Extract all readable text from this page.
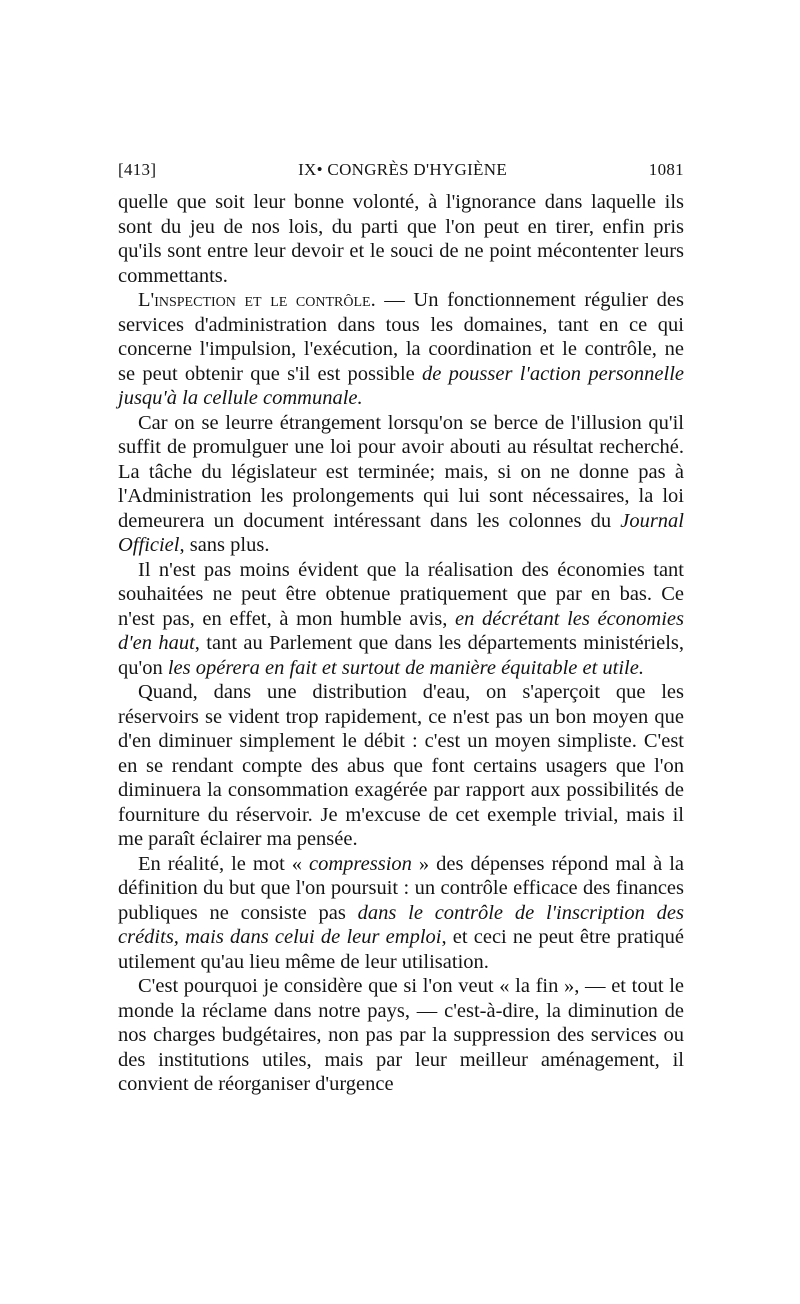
[413]	IX• CONGRÈS D'HYGIÈNE	1081

quelle que soit leur bonne volonté, à l'ignorance dans laquelle ils sont du jeu de nos lois, du parti que l'on peut en tirer, enfin pris qu'ils sont entre leur devoir et le souci de ne point mécontenter leurs commettants.

L'inspection et le contrôle. — Un fonctionnement régulier des services d'administration dans tous les domaines, tant en ce qui concerne l'impulsion, l'exécution, la coordination et le contrôle, ne se peut obtenir que s'il est possible de pousser l'action personnelle jusqu'à la cellule communale.

Car on se leurre étrangement lorsqu'on se berce de l'illusion qu'il suffit de promulguer une loi pour avoir abouti au résultat recherché. La tâche du législateur est terminée; mais, si on ne donne pas à l'Administration les prolongements qui lui sont nécessaires, la loi demeurera un document intéressant dans les colonnes du Journal Officiel, sans plus.

Il n'est pas moins évident que la réalisation des économies tant souhaitées ne peut être obtenue pratiquement que par en bas. Ce n'est pas, en effet, à mon humble avis, en décrétant les économies d'en haut, tant au Parlement que dans les départements ministériels, qu'on les opérera en fait et surtout de manière équitable et utile.

Quand, dans une distribution d'eau, on s'aperçoit que les réservoirs se vident trop rapidement, ce n'est pas un bon moyen que d'en diminuer simplement le débit : c'est un moyen simpliste. C'est en se rendant compte des abus que font certains usagers que l'on diminuera la consommation exagérée par rapport aux possibilités de fourniture du réservoir. Je m'excuse de cet exemple trivial, mais il me paraît éclairer ma pensée.

En réalité, le mot « compression » des dépenses répond mal à la définition du but que l'on poursuit : un contrôle efficace des finances publiques ne consiste pas dans le contrôle de l'inscription des crédits, mais dans celui de leur emploi, et ceci ne peut être pratiqué utilement qu'au lieu même de leur utilisation.

C'est pourquoi je considère que si l'on veut « la fin », — et tout le monde la réclame dans notre pays, — c'est-à-dire, la diminution de nos charges budgétaires, non pas par la suppression des services ou des institutions utiles, mais par leur meilleur aménagement, il convient de réorganiser d'urgence
